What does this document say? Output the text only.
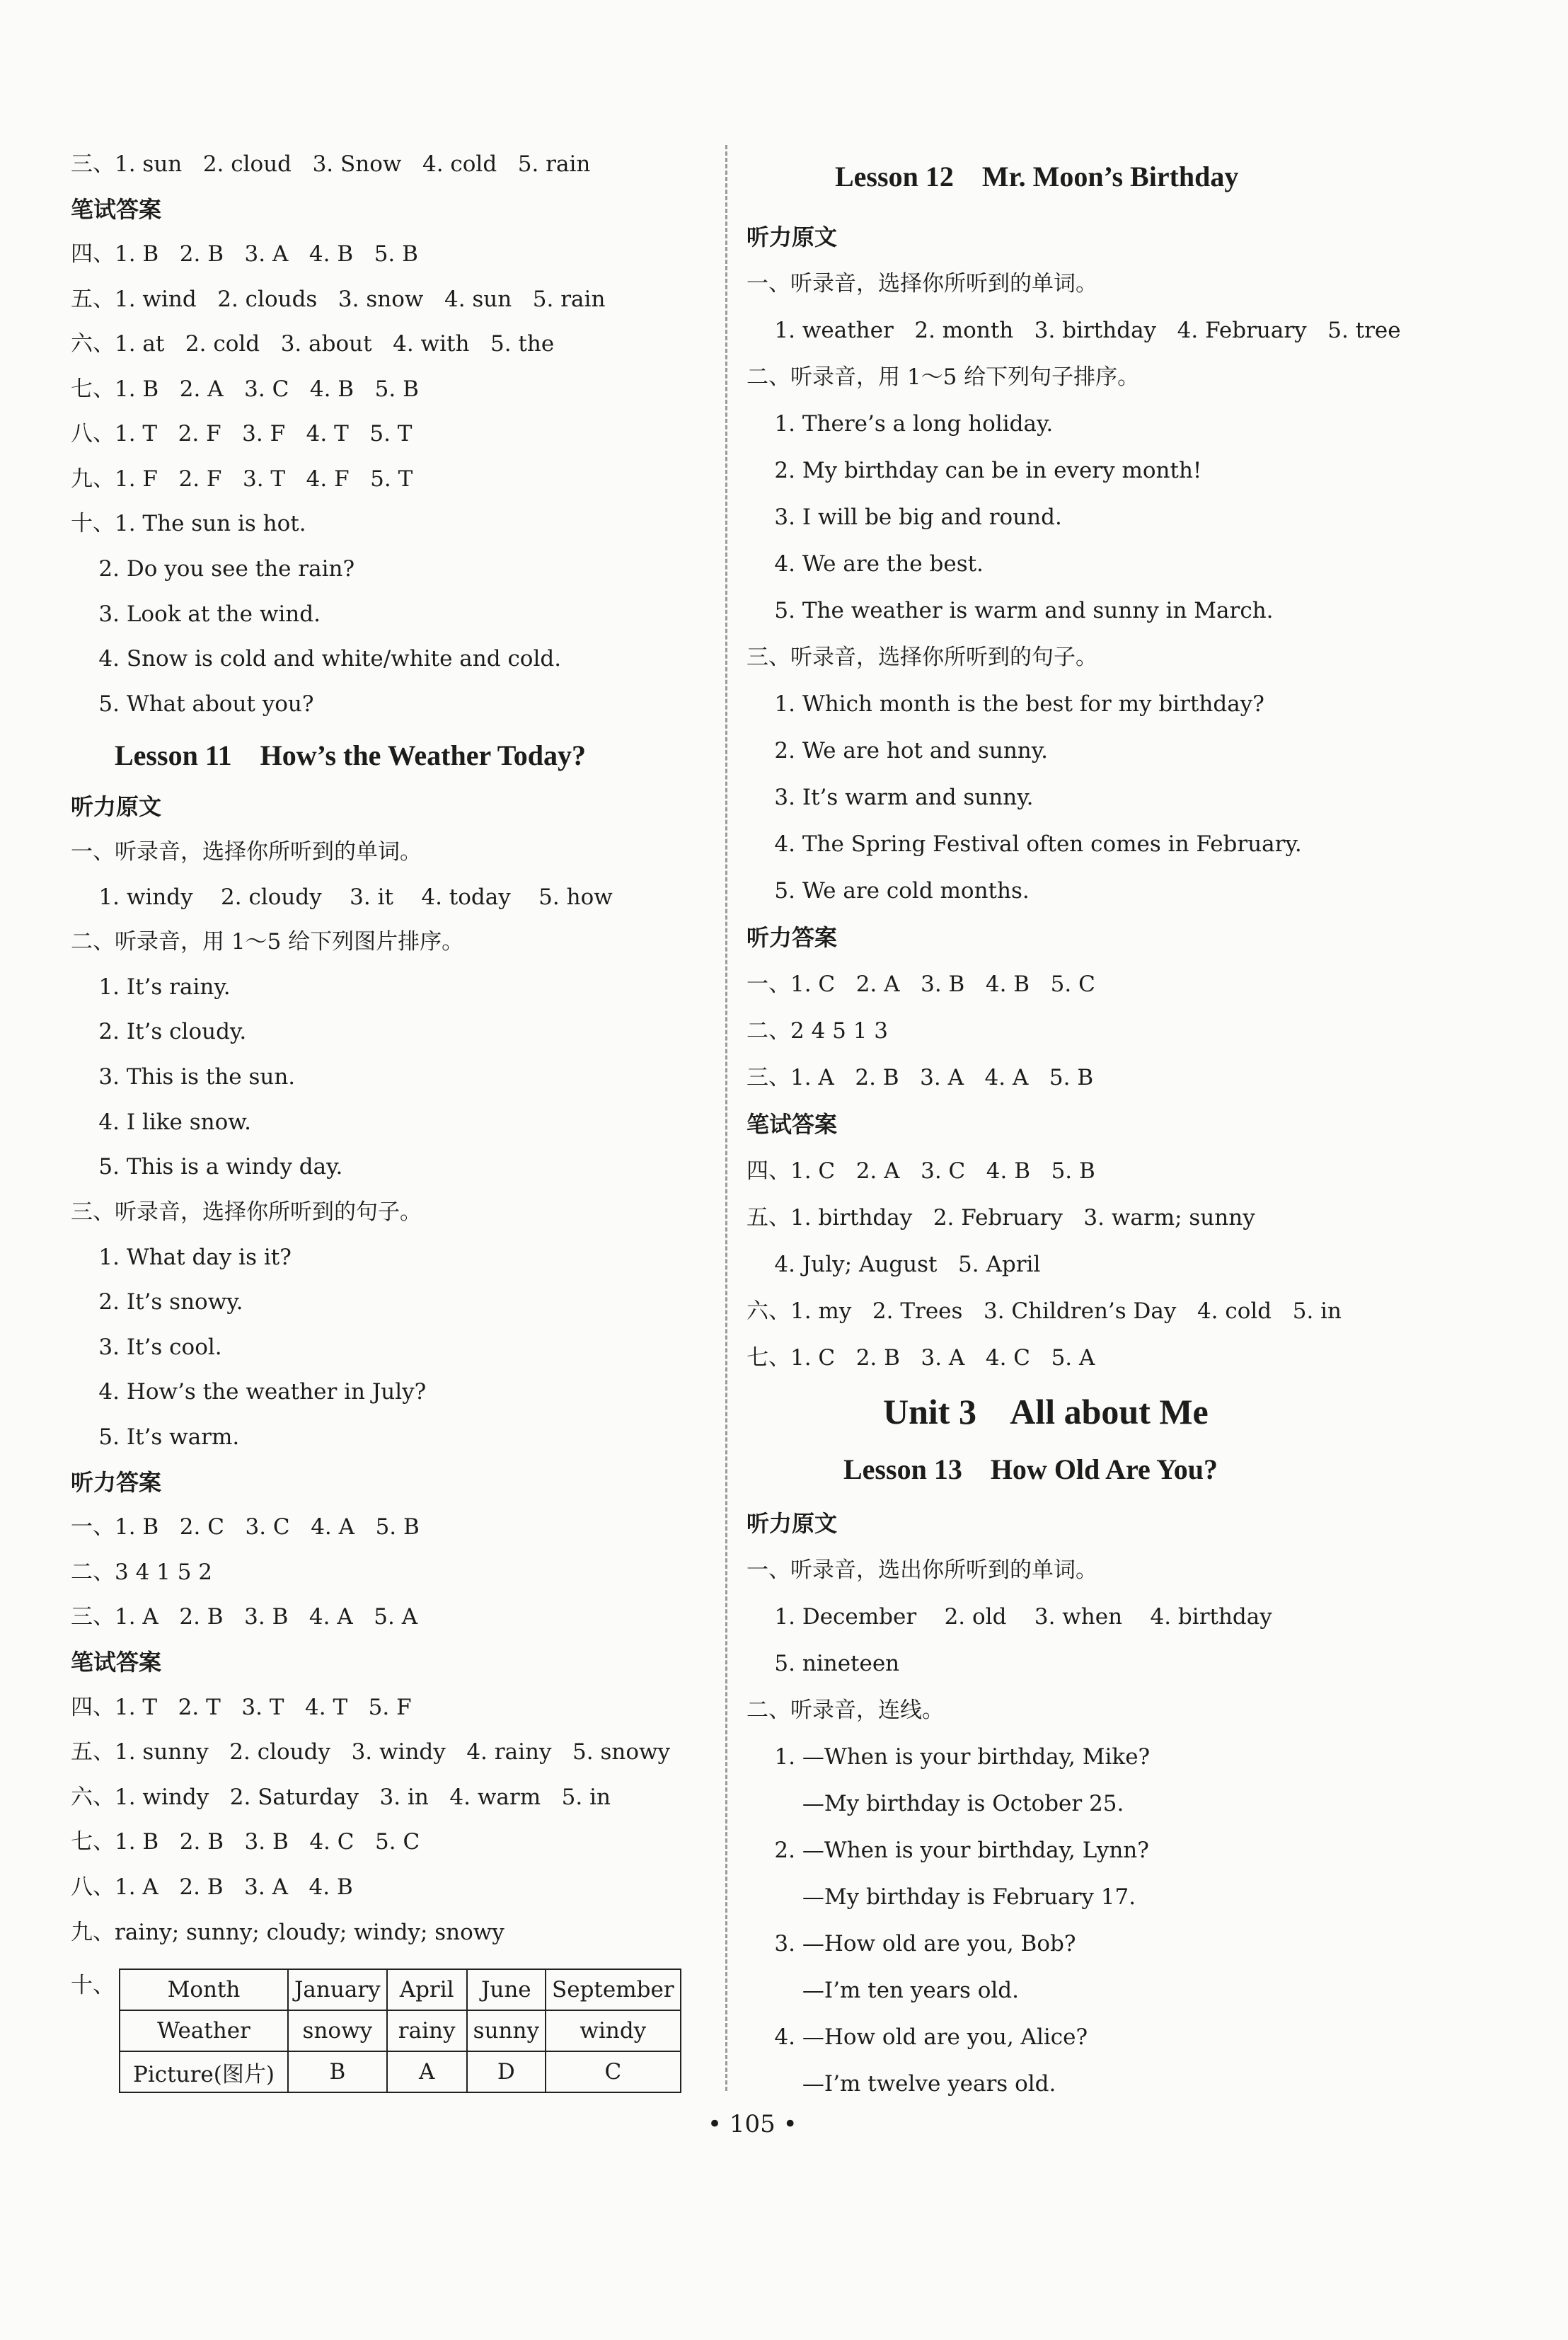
三、1. sun   2. cloud   3. Snow   4. cold   5. rain
笔试答案
四、1. B   2. B   3. A   4. B   5. B
五、1. wind   2. clouds   3. snow   4. sun   5. rain
六、1. at   2. cold   3. about   4. with   5. the
七、1. B   2. A   3. C   4. B   5. B
八、1. T   2. F   3. F   4. T   5. T
九、1. F   2. F   3. T   4. F   5. T
十、1. The sun is hot.
2. Do you see the rain?
3. Look at the wind.
4. Snow is cold and white/white and cold.
5. What about you?
Lesson 11    How’s the Weather Today?
听力原文
一、听录音，选择你所听到的单词。
1. windy    2. cloudy    3. it    4. today    5. how
二、听录音，用 1～5 给下列图片排序。
1. It’s rainy.
2. It’s cloudy.
3. This is the sun.
4. I like snow.
5. This is a windy day.
三、听录音，选择你所听到的句子。
1. What day is it?
2. It’s snowy.
3. It’s cool.
4. How’s the weather in July?
5. It’s warm.
听力答案
一、1. B   2. C   3. C   4. A   5. B
二、3 4 1 5 2
三、1. A   2. B   3. B   4. A   5. A
笔试答案
四、1. T   2. T   3. T   4. T   5. F
五、1. sunny   2. cloudy   3. windy   4. rainy   5. snowy
六、1. windy   2. Saturday   3. in   4. warm   5. in
七、1. B   2. B   3. B   4. C   5. C
八、1. A   2. B   3. A   4. B
九、rainy; sunny; cloudy; windy; snowy
十、 Month	January	April	June	September
Weather	snowy	rainy	sunny	windy
Picture(图片)	B	A	D	C
Lesson 12    Mr. Moon’s Birthday
听力原文
一、听录音，选择你所听到的单词。
1. weather   2. month   3. birthday   4. February   5. tree
二、听录音，用 1～5 给下列句子排序。
1. There’s a long holiday.
2. My birthday can be in every month!
3. I will be big and round.
4. We are the best.
5. The weather is warm and sunny in March.
三、听录音，选择你所听到的句子。
1. Which month is the best for my birthday?
2. We are hot and sunny.
3. It’s warm and sunny.
4. The Spring Festival often comes in February.
5. We are cold months.
听力答案
一、1. C   2. A   3. B   4. B   5. C
二、2 4 5 1 3
三、1. A   2. B   3. A   4. A   5. B
笔试答案
四、1. C   2. A   3. C   4. B   5. B
五、1. birthday   2. February   3. warm; sunny
4. July; August   5. April
六、1. my   2. Trees   3. Children’s Day   4. cold   5. in
七、1. C   2. B   3. A   4. C   5. A
Unit 3    All about Me
Lesson 13    How Old Are You?
听力原文
一、听录音，选出你所听到的单词。
1. December    2. old    3. when    4. birthday
5. nineteen
二、听录音，连线。
1. —When is your birthday, Mike?
—My birthday is October 25.
2. —When is your birthday, Lynn?
—My birthday is February 17.
3. —How old are you, Bob?
—I’m ten years old.
4. —How old are you, Alice?
—I’m twelve years old.
• 105 •
